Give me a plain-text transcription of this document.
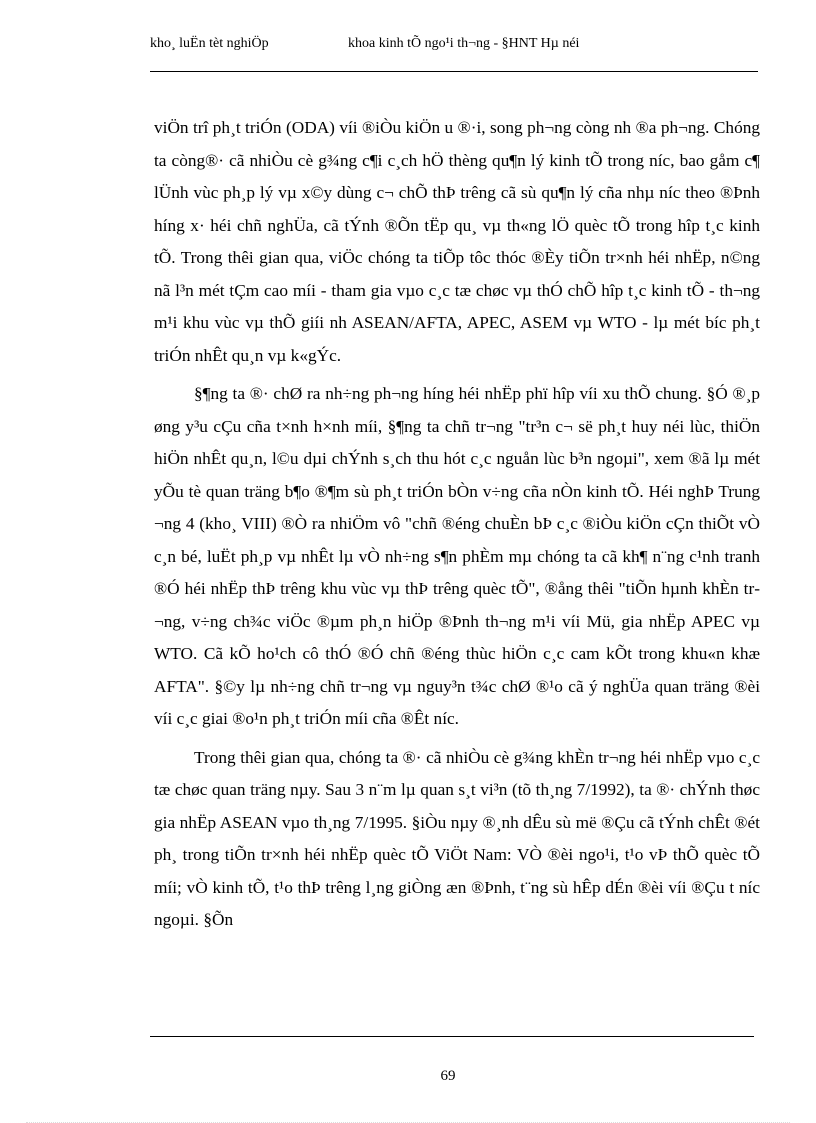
kho¸ luËn tèt nghiÖp	khoa kinh tÕ ngo¹i th¬ng - §HNT Hµ néi

viÖn trî ph¸t triÓn (ODA) víi ®iÒu kiÖn u ®·i, song ph¬ng còng nh ®a ph¬ng. Chóng ta còng®· cã nhiÒu cè g¾ng c¶i c¸ch hÖ thèng qu¶n lý kinh tÕ trong níc, bao gåm c¶ lÜnh vùc ph¸p lý vµ x©y dùng c¬ chÕ thÞ trêng cã sù qu¶n lý cña nhµ níc theo ®Þnh híng x· héi chñ nghÜa, cã tÝnh ®Õn tËp qu¸ vµ th«ng lÖ quèc tÕ trong hîp t¸c kinh tÕ. Trong thêi gian qua, viÖc chóng ta tiÕp tôc thóc ®Èy tiÕn tr×nh héi nhËp, n©ng nã l³n mét tÇm cao míi - tham gia vµo c¸c tæ chøc vµ thÓ chÕ hîp t¸c kinh tÕ - th¬ng m¹i khu vùc vµ thÕ giíi nh ASEAN/AFTA, APEC, ASEM vµ WTO - lµ mét bíc ph¸t triÓn nhÊt qu¸n vµ k«gÝc.

§¶ng ta ®· chØ ra nh÷ng ph¬ng híng héi nhËp phï hîp víi xu thÕ chung. §Ó ®¸p øng y³u cÇu cña t×nh h×nh míi, §¶ng ta chñ tr¬ng "tr³n c¬ së ph¸t huy néi lùc, thiÖn hiÖn nhÊt qu¸n, l©u dµi chÝnh s¸ch thu hót c¸c nguån lùc b³n ngoµi", xem ®ã lµ mét yÕu tè quan träng b¶o ®¶m sù ph¸t triÓn bÒn v÷ng cña nÒn kinh tÕ. Héi nghÞ Trung ¬ng 4 (kho¸ VIII) ®Ò ra nhiÖm vô "chñ ®éng chuÈn bÞ c¸c ®iÒu kiÖn cÇn thiÕt vÒ c¸n bé, luËt ph¸p vµ nhÊt lµ vÒ nh÷ng s¶n phÈm mµ chóng ta cã kh¶ n¨ng c¹nh tranh ®Ó héi nhËp thÞ trêng khu vùc vµ thÞ trêng quèc tÕ", ®ång thêi "tiÕn hµnh khÈn tr¬ng, v÷ng ch¾c viÖc ®µm ph¸n hiÖp ®Þnh th¬ng m¹i víi Mü, gia nhËp APEC vµ WTO. Cã kÕ ho¹ch cô thÓ ®Ó chñ ®éng thùc hiÖn c¸c cam kÕt trong khu«n khæ AFTA". §©y lµ nh÷ng chñ tr¬ng vµ nguy³n t¾c chØ ®¹o cã ý nghÜa quan träng ®èi víi c¸c giai ®o¹n ph¸t triÓn míi cña ®Êt níc.

Trong thêi gian qua, chóng ta ®· cã nhiÒu cè g¾ng khÈn tr¬ng héi nhËp vµo c¸c tæ chøc quan träng nµy. Sau 3 n¨m lµ quan s¸t vi³n (tõ th¸ng 7/1992), ta ®· chÝnh thøc gia nhËp ASEAN vµo th¸ng 7/1995. §iÒu nµy ®¸nh dÊu sù më ®Çu cã tÝnh chÊt ®ét ph¸ trong tiÕn tr×nh héi nhËp quèc tÕ ViÖt Nam: VÒ ®èi ngo¹i, t¹o vÞ thÕ quèc tÕ míi; vÒ kinh tÕ, t¹o thÞ trêng l¸ng giÒng æn ®Þnh, t¨ng sù hÊp dÉn ®èi víi ®Çu t níc ngoµi. §Õn

69
